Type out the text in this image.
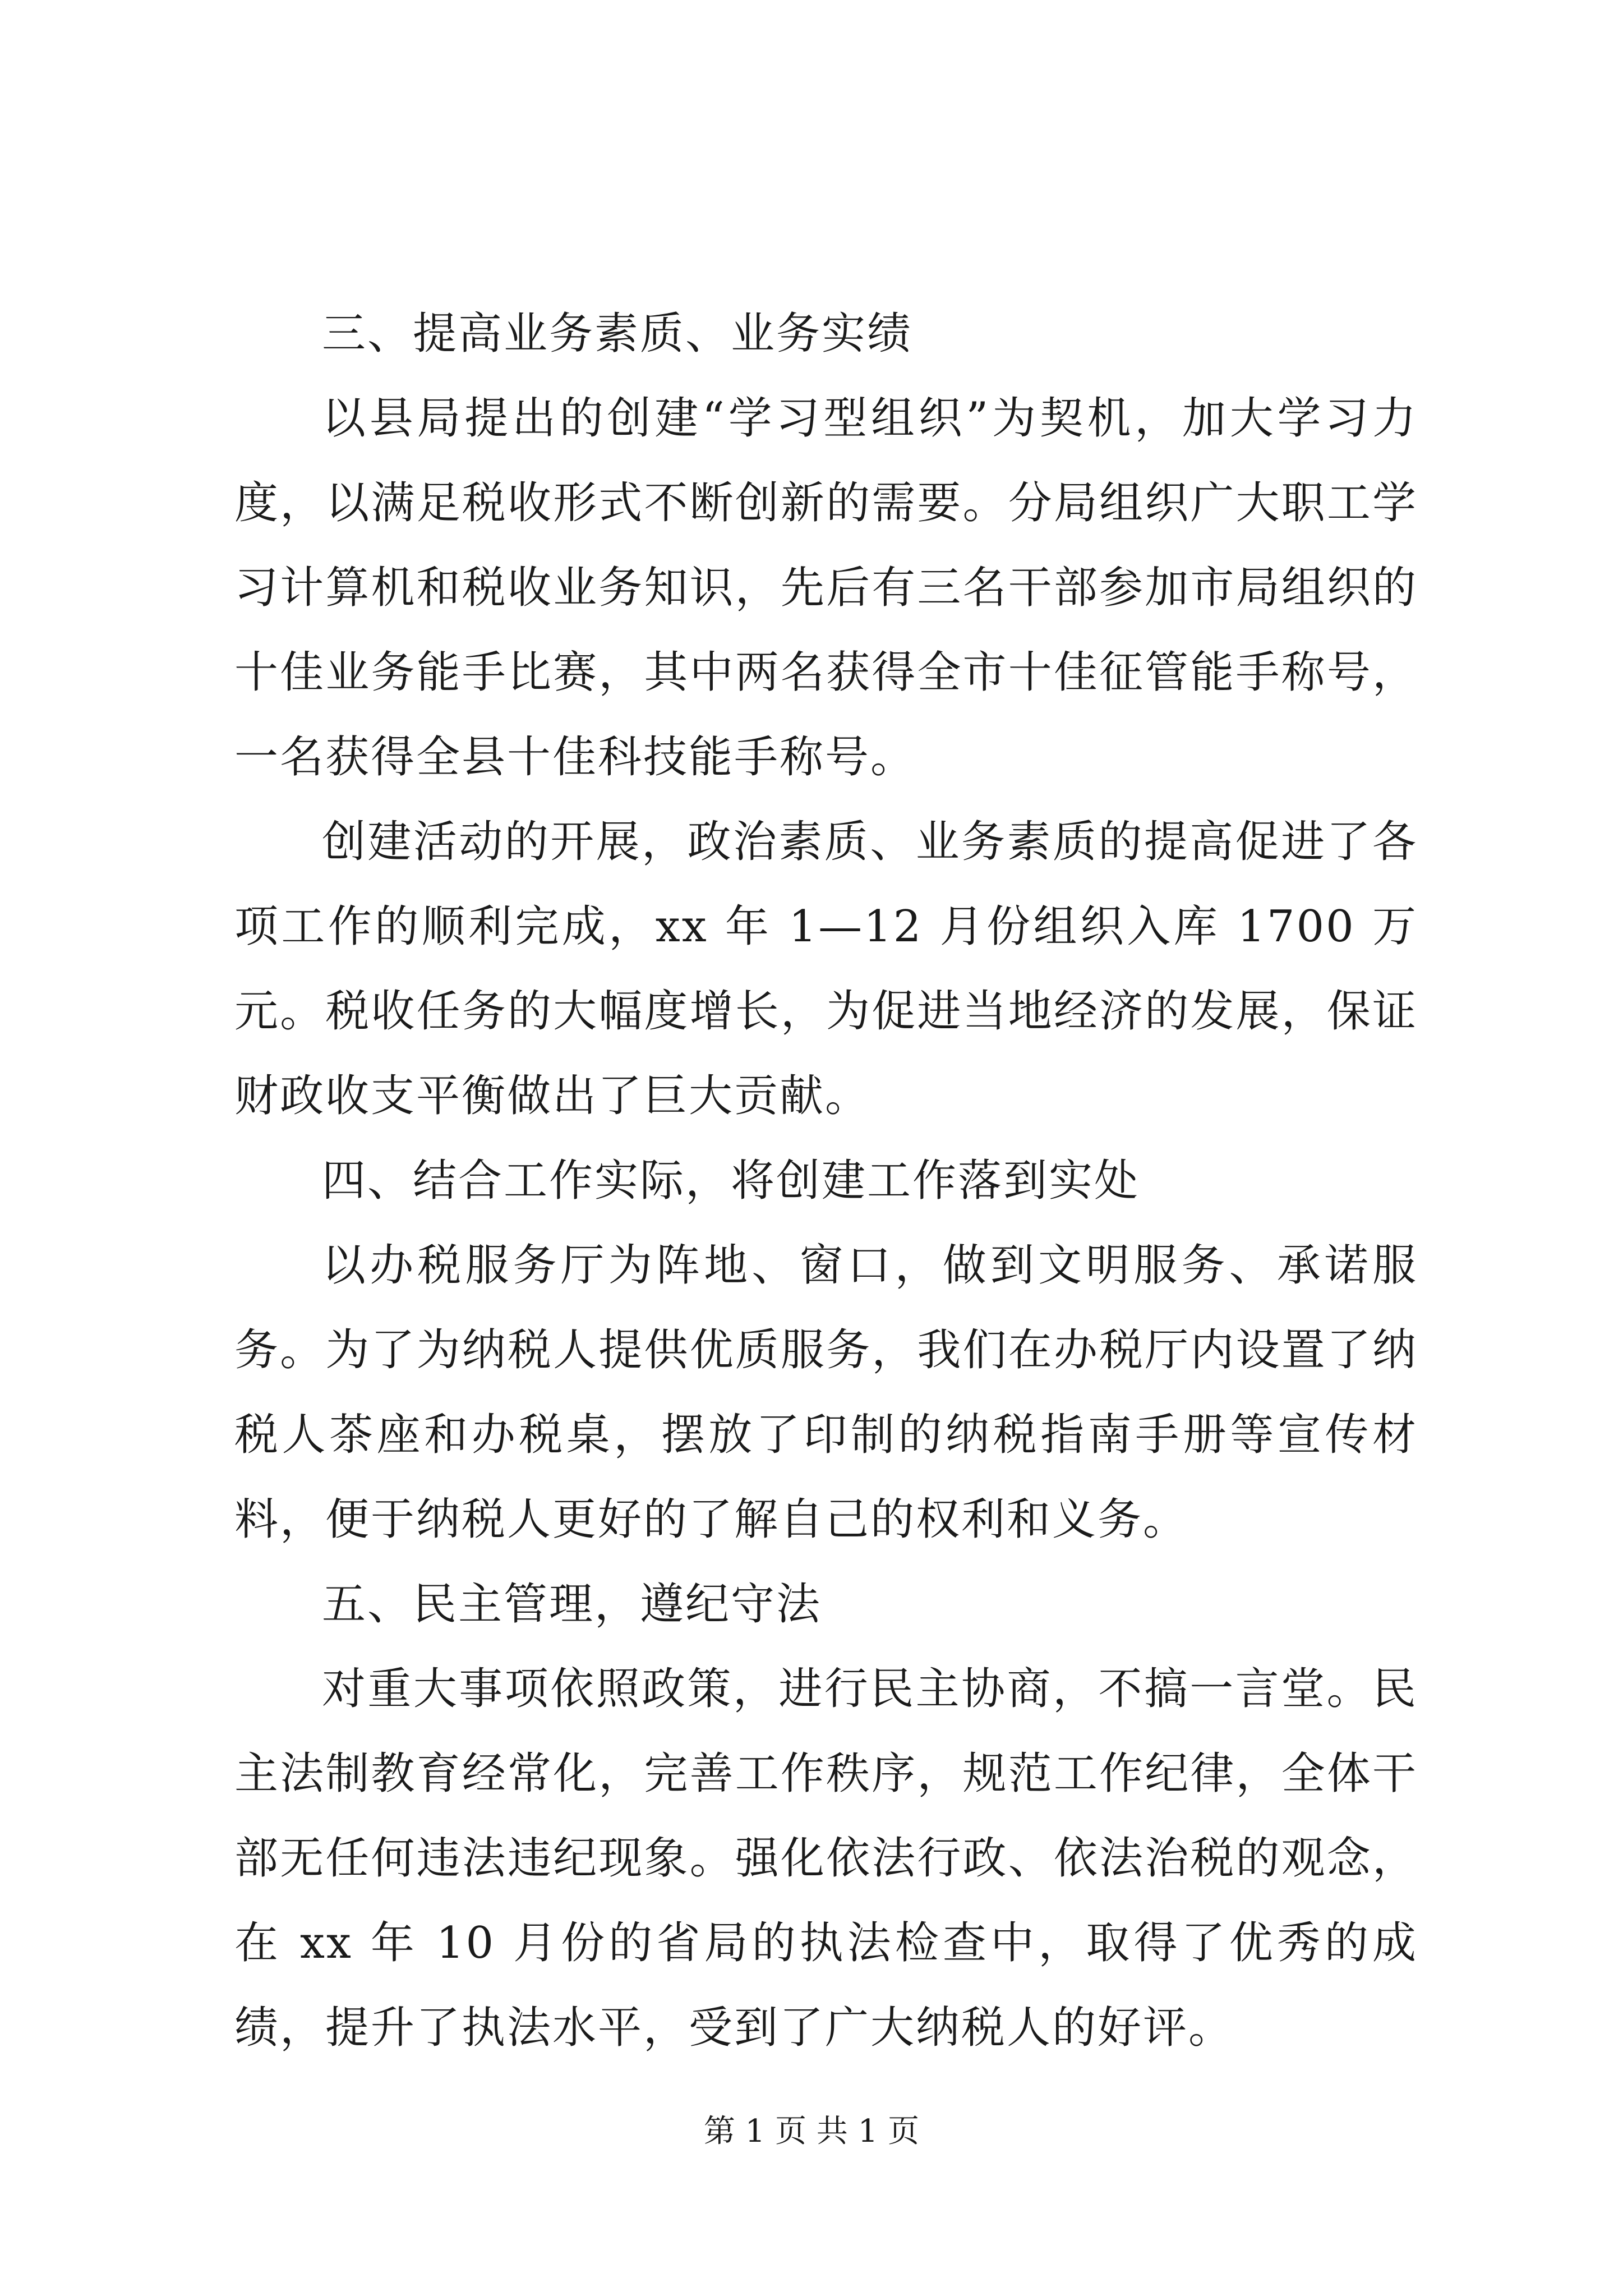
三、提高业务素质、业务实绩

以县局提出的创建“学习型组织”为契机，加大学习力度，以满足税收形式不断创新的需要。分局组织广大职工学习计算机和税收业务知识，先后有三名干部参加市局组织的十佳业务能手比赛，其中两名获得全市十佳征管能手称号，一名获得全县十佳科技能手称号。

创建活动的开展，政治素质、业务素质的提高促进了各项工作的顺利完成，xx 年 1—12 月份组织入库 1700 万元。税收任务的大幅度增长，为促进当地经济的发展，保证财政收支平衡做出了巨大贡献。

四、结合工作实际，将创建工作落到实处

以办税服务厅为阵地、窗口，做到文明服务、承诺服务。为了为纳税人提供优质服务，我们在办税厅内设置了纳税人茶座和办税桌，摆放了印制的纳税指南手册等宣传材料，便于纳税人更好的了解自己的权利和义务。

五、民主管理，遵纪守法

对重大事项依照政策，进行民主协商，不搞一言堂。民主法制教育经常化，完善工作秩序，规范工作纪律，全体干部无任何违法违纪现象。强化依法行政、依法治税的观念，在 xx 年 10 月份的省局的执法检查中，取得了优秀的成绩，提升了执法水平，受到了广大纳税人的好评。

第 1 页 共 1 页
